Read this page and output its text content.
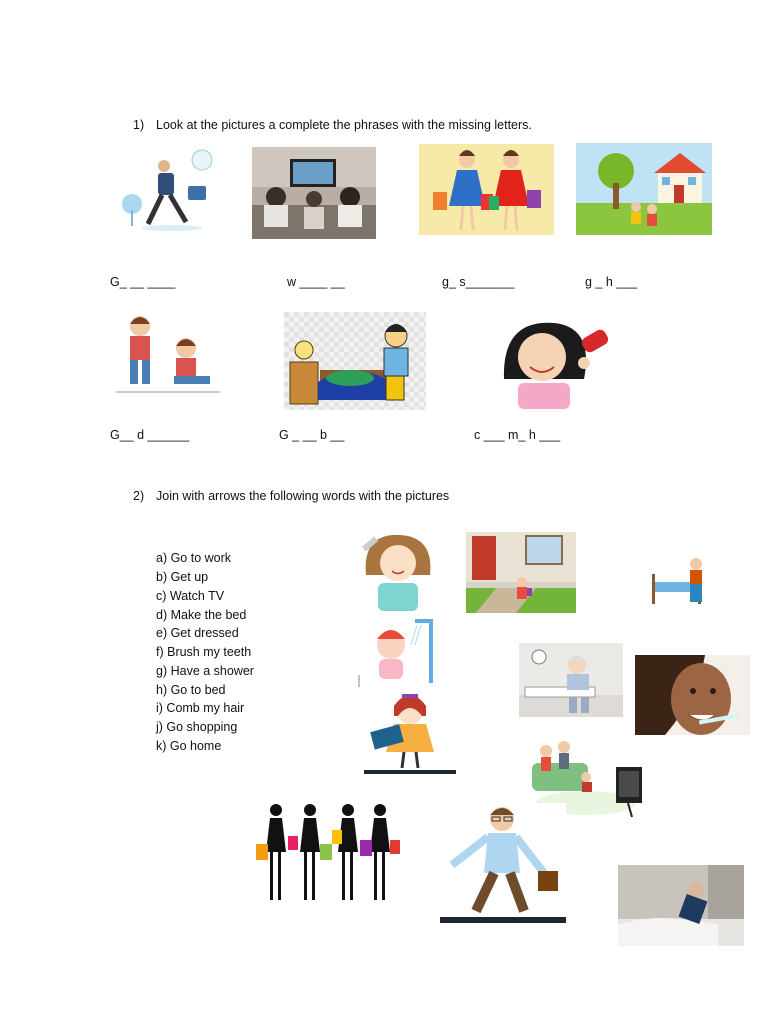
1) Look at the pictures a complete the phrases with the missing letters.
G_ __ ____	w ____ __	g_ s_______	g _ h ___
G__ d ______	G _ __ b __	c ___ m_ h ___
2) Join with arrows the following words with the pictures
a) Go to work
b) Get up
c) Watch TV
d) Make the bed
e) Get dressed
f) Brush my teeth
g) Have a shower
h) Go to bed
i) Comb my hair
j) Go shopping
k) Go home
